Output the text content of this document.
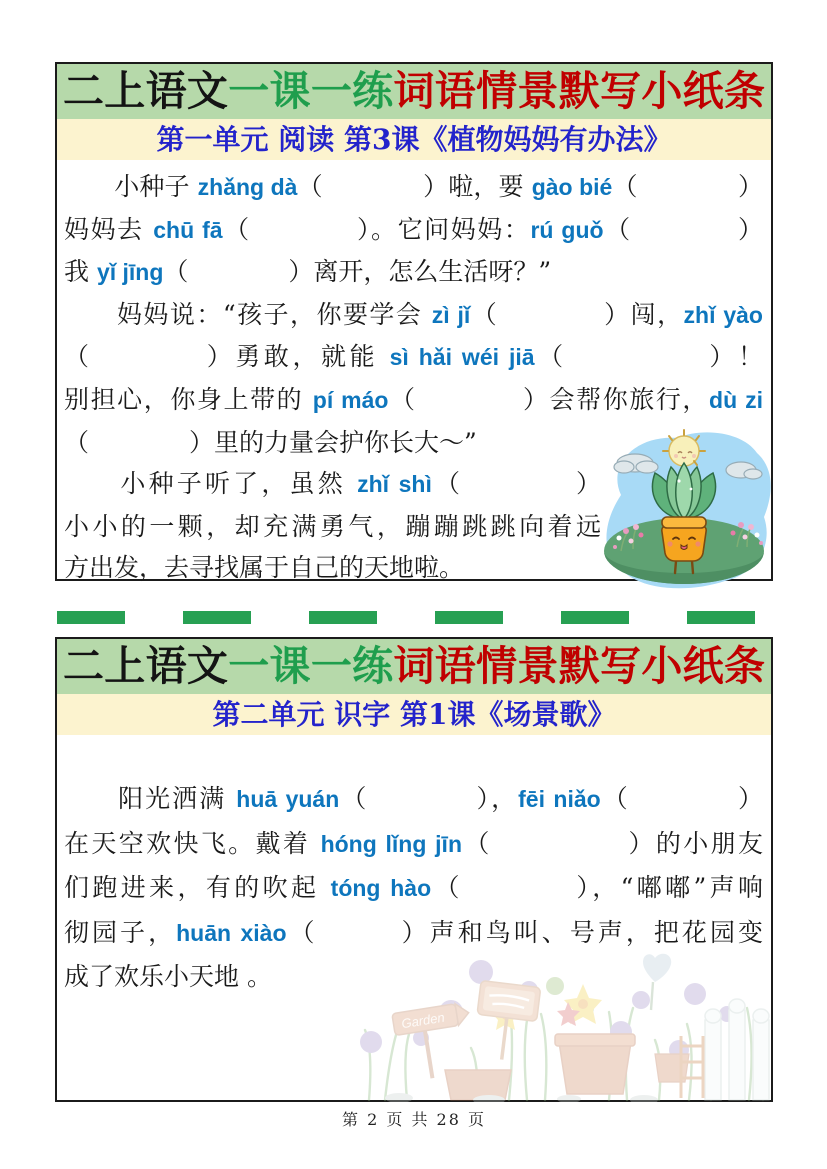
二上语文一课一练词语情景默写小纸条
第一单元 阅读 第3课《植物妈妈有办法》
　　小种子 zhǎng dà（　　　　）啦，要 gào bié（　　　　）
妈妈去 chū fā（　　　　）。它问妈妈：rú guǒ（　　　　）
我 yǐ jīng（　　　　）离开，怎么生活呀？”
　　妈妈说：“孩子，你要学会 zì jǐ（　　　　）闯，zhǐ yào
（　　　　）勇敢，就能 sì hǎi wéi jiā（　　　　　）！
别担心，你身上带的 pí máo（　　　　）会帮你旅行，dù zi
（　　　　）里的力量会护你长大～”
　　小种子听了，虽然 zhǐ shì（　　　　）
小小的一颗，却充满勇气，蹦蹦跳跳向着远
方出发，去寻找属于自己的天地啦。
二上语文一课一练词语情景默写小纸条
第二单元 识字 第1课《场景歌》
　　阳光洒满 huā yuán（　　　　），fēi niǎo（　　　　）
在天空欢快飞。戴着 hóng lǐng jīn（　　　　　）的小朋友
们跑进来，有的吹起 tóng hào（　　　　），“嘟嘟”声响
彻园子，huān xiào（　　　）声和鸟叫、号声，把花园变
成了欢乐小天地 。
Garden
第 2 页 共 28 页
